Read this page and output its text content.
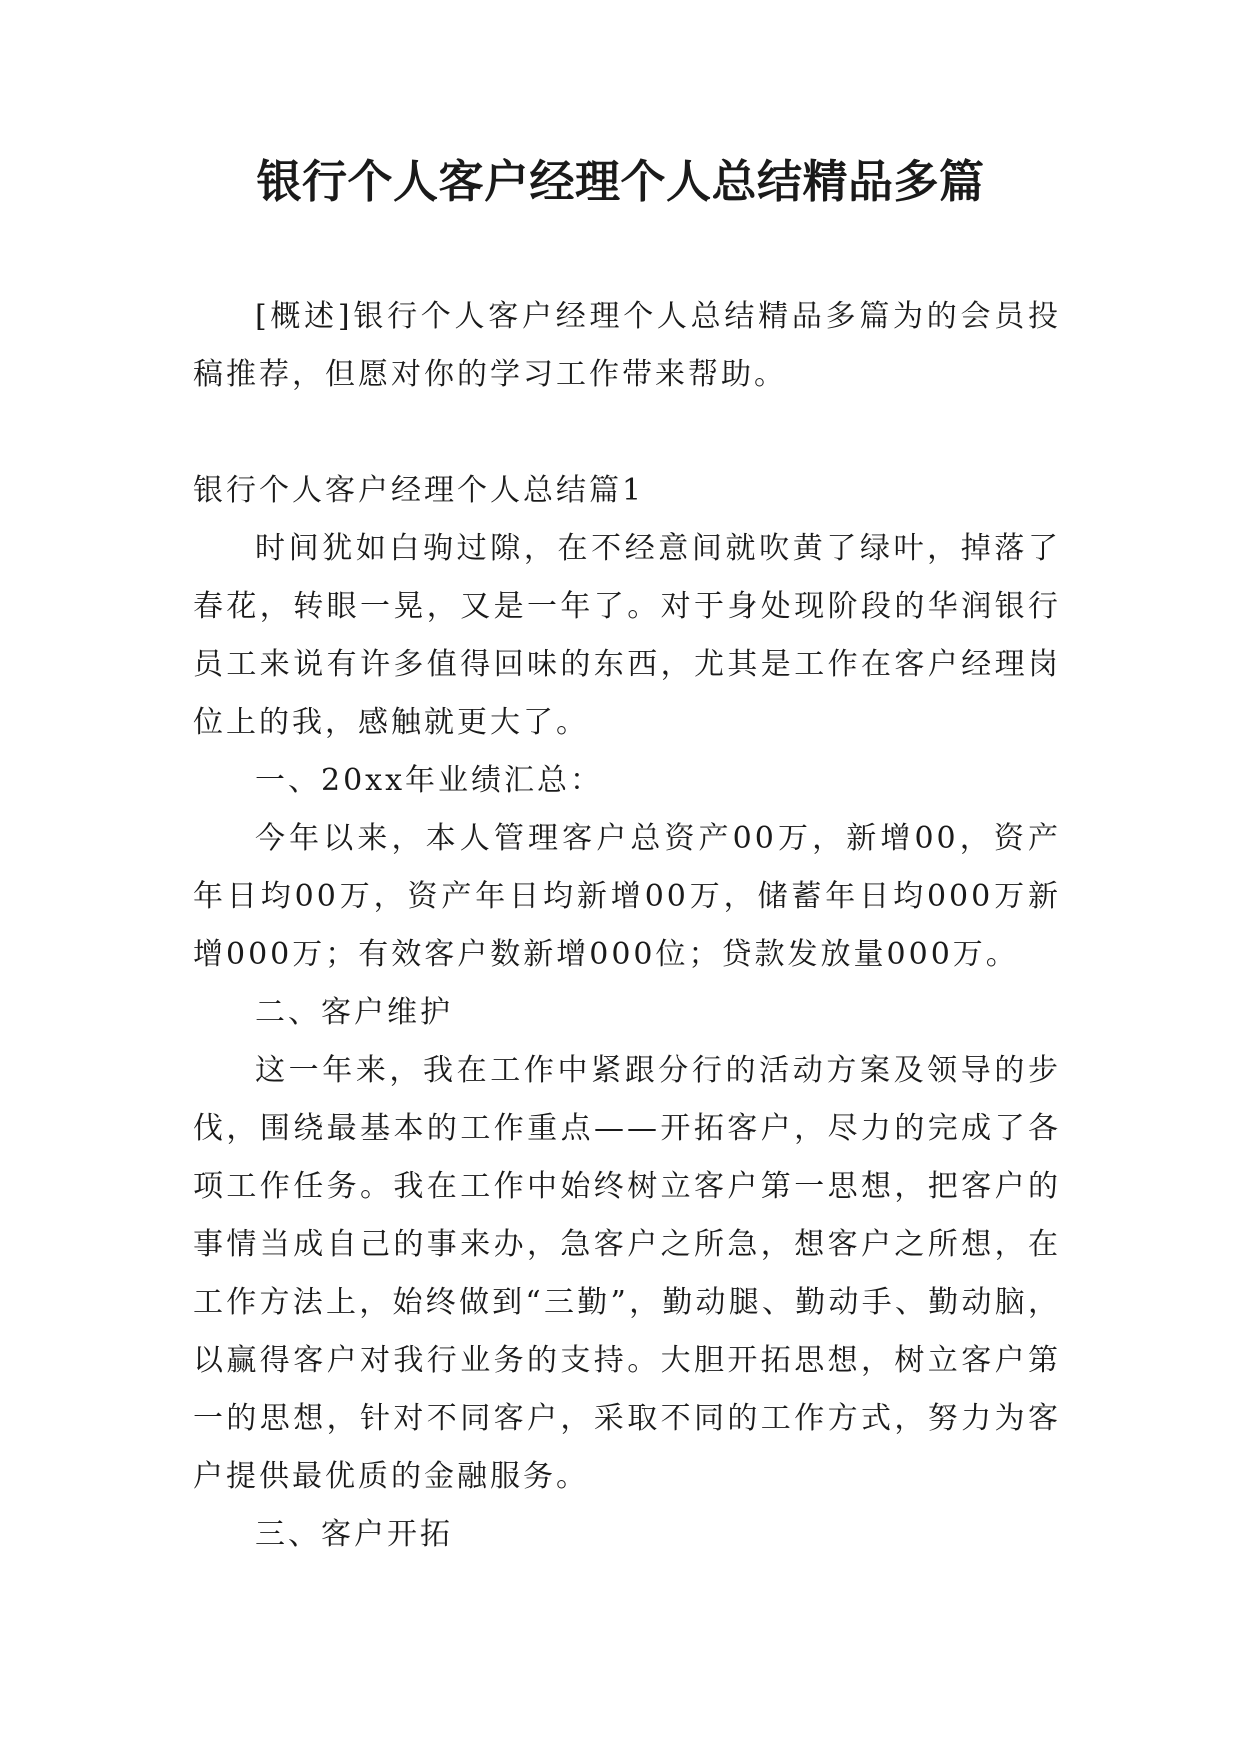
银行个人客户经理个人总结精品多篇

[概述]银行个人客户经理个人总结精品多篇为的会员投稿推荐，但愿对你的学习工作带来帮助。

银行个人客户经理个人总结篇1

时间犹如白驹过隙，在不经意间就吹黄了绿叶，掉落了春花，转眼一晃，又是一年了。对于身处现阶段的华润银行员工来说有许多值得回味的东西，尤其是工作在客户经理岗位上的我，感触就更大了。

一、20xx年业绩汇总：

今年以来，本人管理客户总资产00万，新增00，资产年日均00万，资产年日均新增00万，储蓄年日均000万新增000万；有效客户数新增000位；贷款发放量000万。

二、客户维护

这一年来，我在工作中紧跟分行的活动方案及领导的步伐，围绕最基本的工作重点——开拓客户，尽力的完成了各项工作任务。我在工作中始终树立客户第一思想，把客户的事情当成自己的事来办，急客户之所急，想客户之所想，在工作方法上，始终做到“三勤”，勤动腿、勤动手、勤动脑，以赢得客户对我行业务的支持。大胆开拓思想，树立客户第一的思想，针对不同客户，采取不同的工作方式，努力为客户提供最优质的金融服务。

三、客户开拓
